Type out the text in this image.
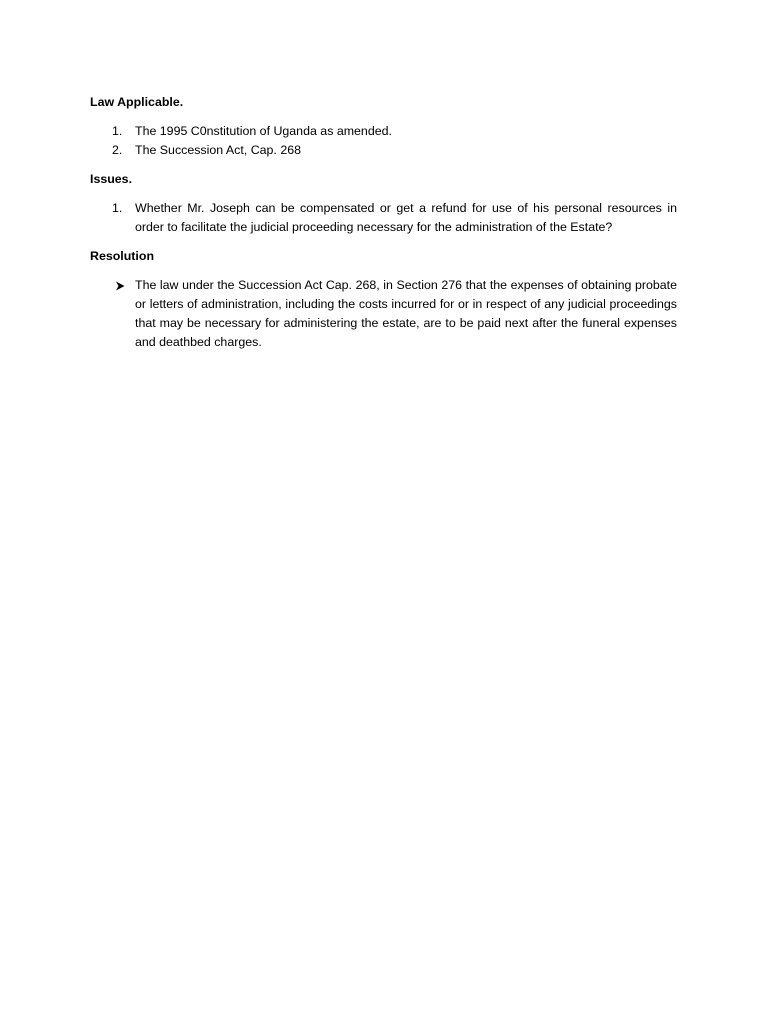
Law Applicable.

1.	The 1995 C0nstitution of Uganda as amended.
2.	The Succession Act, Cap. 268

Issues.

1.	Whether Mr. Joseph can be compensated or get a refund for use of his personal resources in order to facilitate the judicial proceeding necessary for the administration of the Estate?

Resolution

The law under the Succession Act Cap. 268, in Section 276 that the expenses of obtaining probate or letters of administration, including the costs incurred for or in respect of any judicial proceedings that may be necessary for administering the estate, are to be paid next after the funeral expenses and deathbed charges.
